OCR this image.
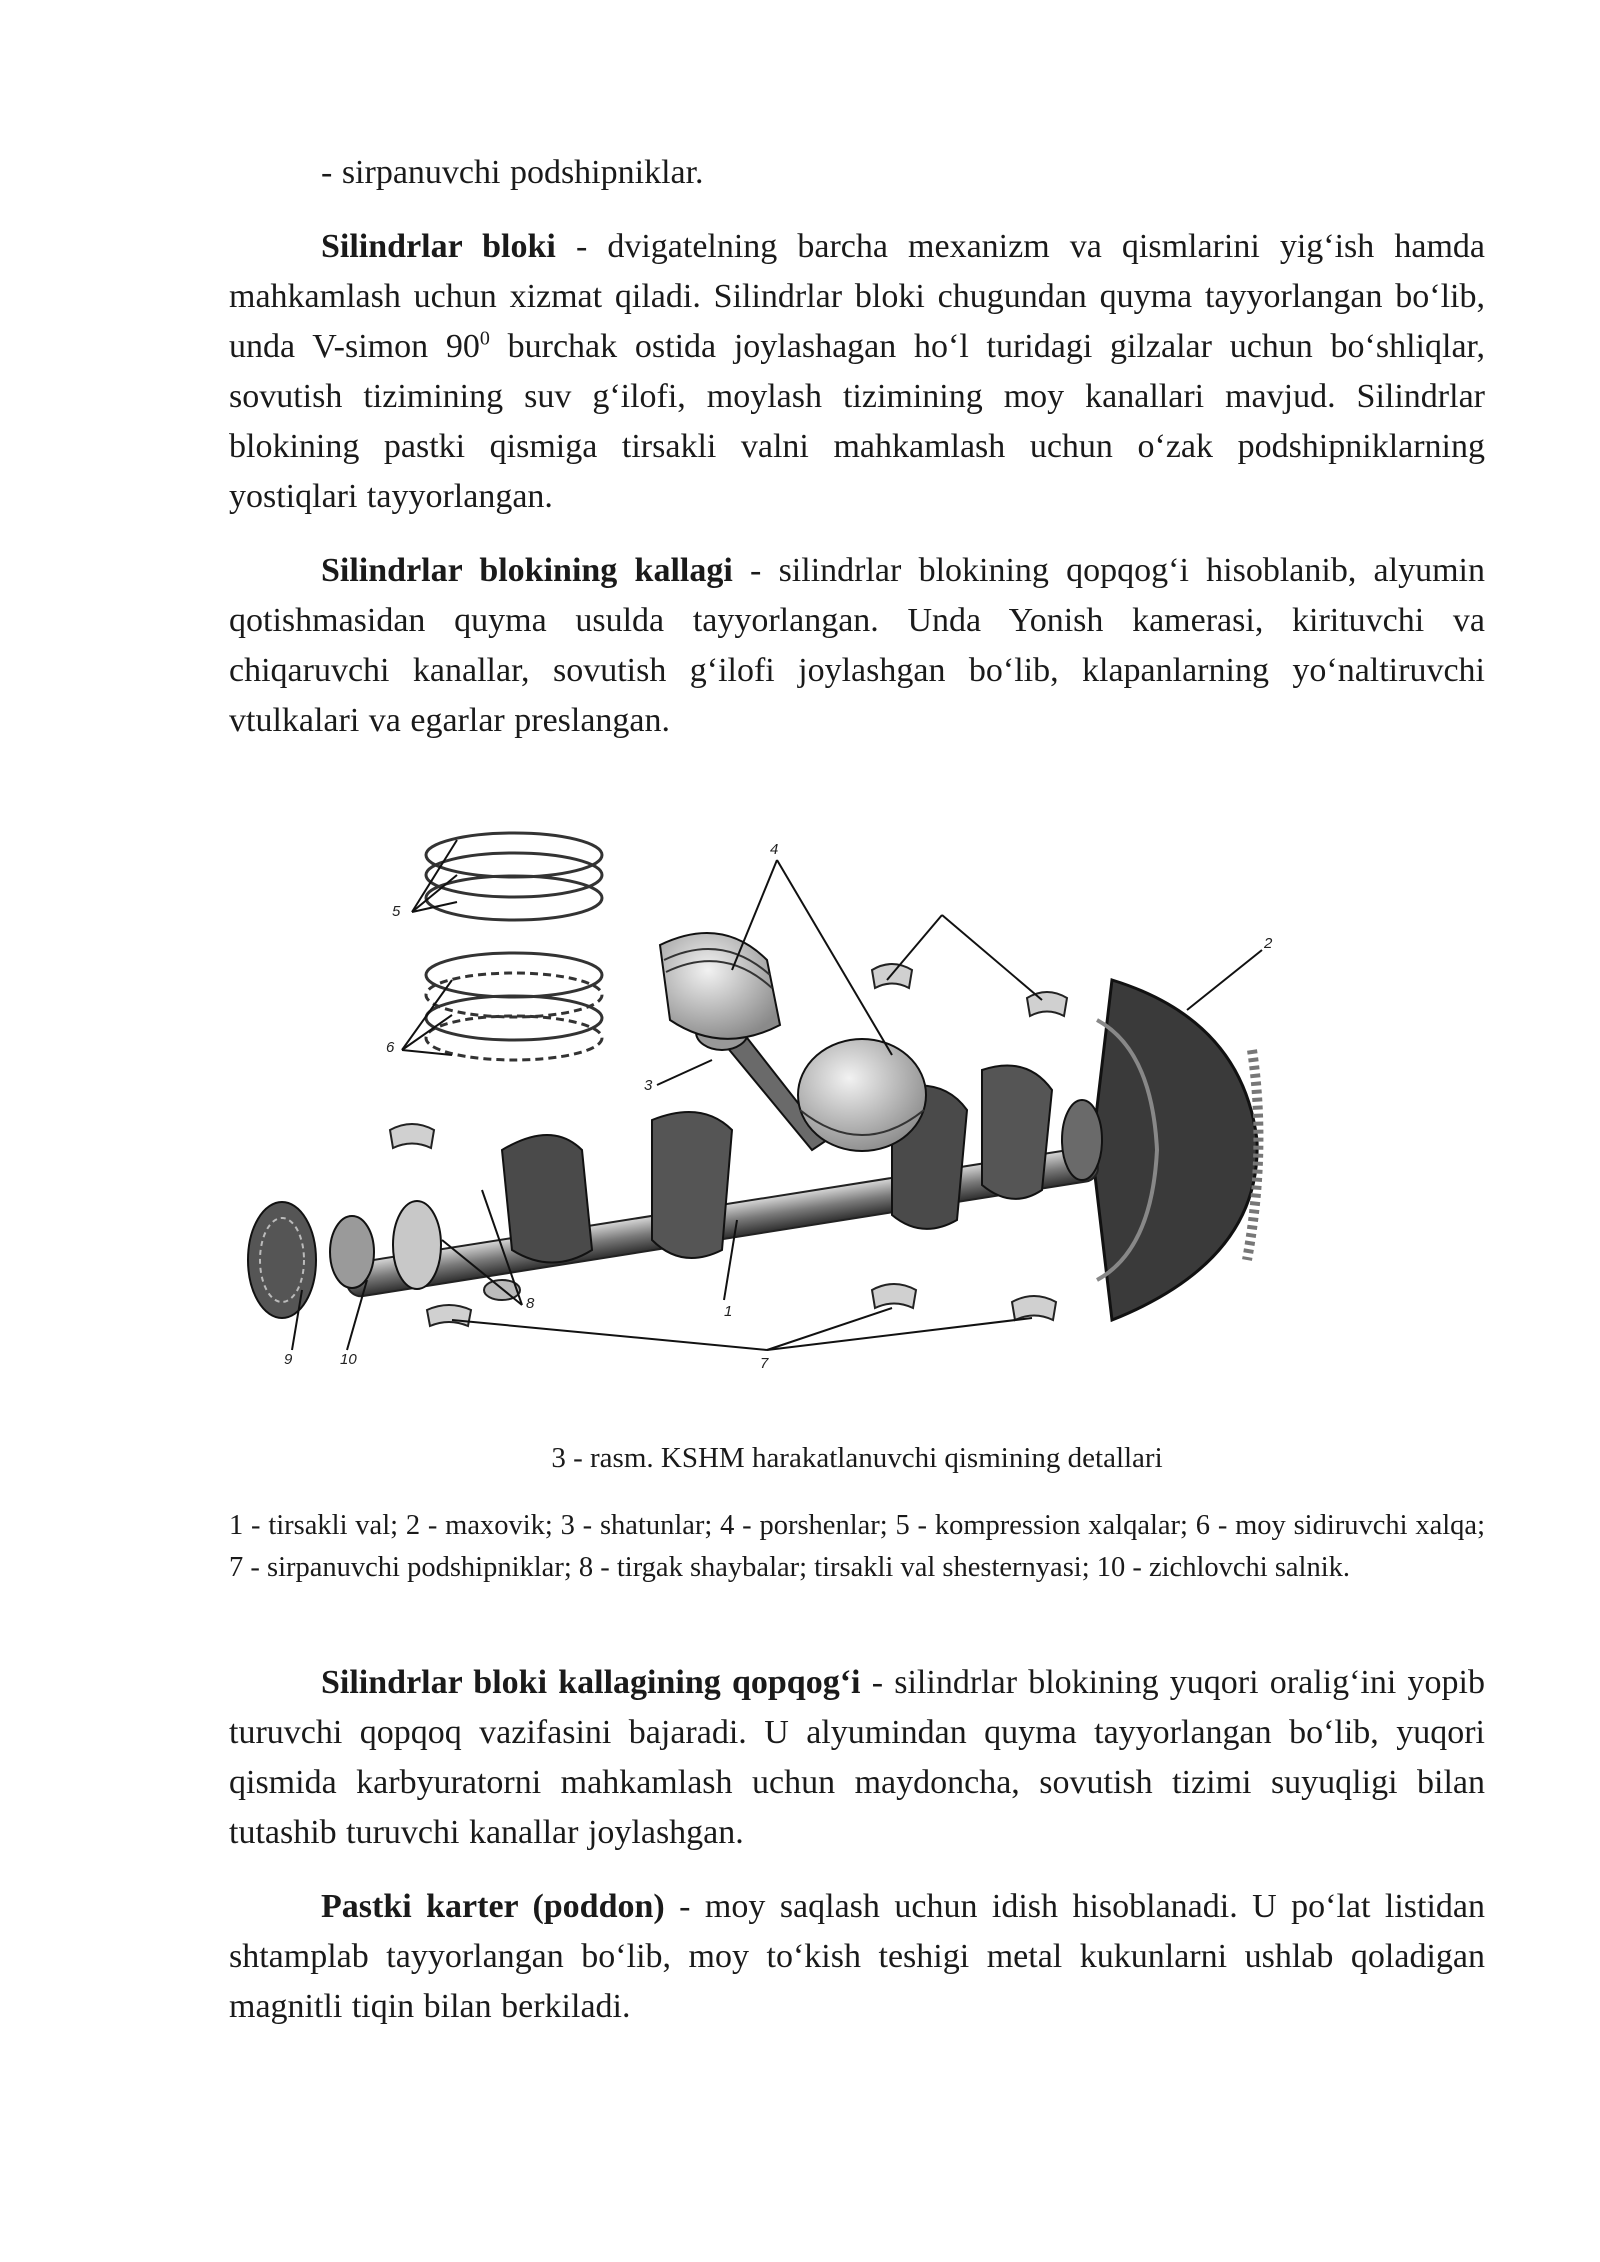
- sirpanuvchi podshipniklar.

Silindrlar bloki - dvigatelning barcha mexanizm va qismlarini yig‘ish hamda mahkamlash uchun xizmat qiladi. Silindrlar bloki chugundan quyma tayyorlangan bo‘lib, unda V-simon $90^0$ burchak ostida joylashagan ho‘l turidagi gilzalar uchun bo‘shliqlar, sovutish tizimining suv g‘ilofi, moylash tizimining moy kanallari mavjud. Silindrlar blokining pastki qismiga tirsakli valni mahkamlash uchun o‘zak podshipniklarning yostiqlari tayyorlangan.

Silindrlar blokining kallagi - silindrlar blokining qopqog‘i hisoblanib, alyumin qotishmasidan quyma usulda tayyorlangan. Unda Yonish kamerasi, kirituvchi va chiqaruvchi kanallar, sovutish g‘ilofi joylashgan bo‘lib, klapanlarning yo‘naltiruvchi vtulkalari va egarlar preslangan.

1
2
3
4
5
6
7
8
9	10
3 - rasm. KSHM harakatlanuvchi qismining detallari

1 - tirsakli val; 2 - maxovik; 3 - shatunlar; 4 - porshenlar; 5 - kompression xalqalar; 6 - moy sidiruvchi xalqa; 7 - sirpanuvchi podshipniklar; 8 - tirgak shaybalar; tirsakli val shesternyasi; 10 - zichlovchi salnik.

Silindrlar bloki kallagining qopqog‘i - silindrlar blokining yuqori oralig‘ini yopib turuvchi qopqoq vazifasini bajaradi. U alyumindan quyma tayyorlangan bo‘lib, yuqori qismida karbyuratorni mahkamlash uchun maydoncha, sovutish tizimi suyuqligi bilan tutashib turuvchi kanallar joylashgan.

Pastki karter (poddon) - moy saqlash uchun idish hisoblanadi. U po‘lat listidan shtamplab tayyorlangan bo‘lib, moy to‘kish teshigi metal kukunlarni ushlab qoladigan magnitli tiqin bilan berkiladi.
